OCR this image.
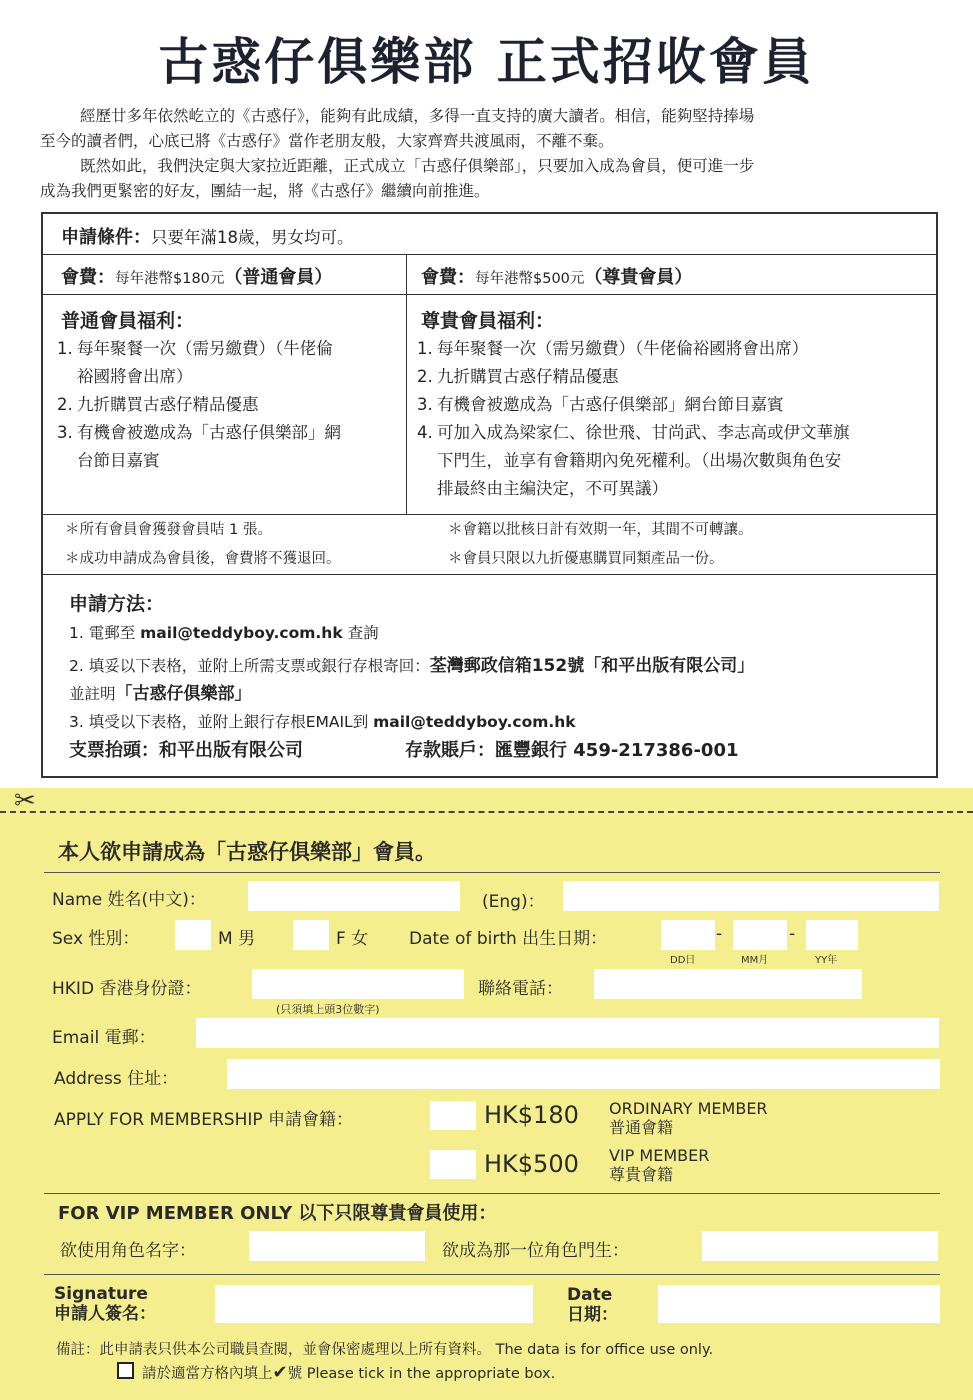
古惑仔俱樂部 正式招收會員

經歷廿多年依然屹立的《古惑仔》，能夠有此成績，多得一直支持的廣大讀者。相信，能夠堅持捧場

至今的讀者們，心底已將《古惑仔》當作老朋友般，大家齊齊共渡風雨，不離不棄。

既然如此，我們決定與大家拉近距離，正式成立「古惑仔俱樂部」，只要加入成為會員，便可進一步

成為我們更緊密的好友，團結一起，將《古惑仔》繼續向前推進。

申請條件：只要年滿18歲，男女均可。
會費：每年港幣$180元（普通會員）	會費：每年港幣$500元（尊貴會員）
普通會員福利：
1. 每年聚餐一次（需另繳費）（牛佬倫
裕國將會出席）
2. 九折購買古惑仔精品優惠
3. 有機會被邀成為「古惑仔俱樂部」網
台節目嘉賓
尊貴會員福利：
1. 每年聚餐一次（需另繳費）（牛佬倫裕國將會出席）
2. 九折購買古惑仔精品優惠
3. 有機會被邀成為「古惑仔俱樂部」網台節目嘉賓
4. 可加入成為梁家仁、徐世飛、甘尚武、李志高或伊文華旗
下門生，並享有會籍期內免死權利。（出場次數與角色安
排最終由主編決定，不可異議）
＊所有會員會獲發會員咭 1 張。
＊成功申請成為會員後，會費將不獲退回。
＊會籍以批核日計有效期一年，其間不可轉讓。
＊會員只限以九折優惠購買同類產品一份。
申請方法：
1. 電郵至 mail@teddyboy.com.hk 查詢
2. 填妥以下表格，並附上所需支票或銀行存根寄回：荃灣郵政信箱152號「和平出版有限公司」
並註明「古惑仔俱樂部」
3. 填受以下表格，並附上銀行存根EMAIL到 mail@teddyboy.com.hk
支票抬頭：和平出版有限公司	存款賬戶：匯豐銀行 459-217386-001
本人欲申請成為「古惑仔俱樂部」會員。
Name 姓名(中文)：	(Eng)：
Sex 性別：	M 男	F 女 Date of birth 出生日期：	-	-
DD日	MM月	YY年
HKID 香港身份證：
(只須填上頭3位數字)
聯絡電話：
Email 電郵：
Address 住址：
APPLY FOR MEMBERSHIP 申請會籍：	HK$180 ORDINARY MEMBER
普通會籍
HK$500 VIP MEMBER
尊貴會籍
FOR VIP MEMBER ONLY 以下只限尊貴會員使用：
欲使用角色名字：	欲成為那一位角色門生：
Signature
申請人簽名：
Date
日期：
備註：此申請表只供本公司職員查閱，並會保密處理以上所有資料。 The data is for office use only.
請於適當方格內填上✔號 Please tick in the appropriate box.
✂
